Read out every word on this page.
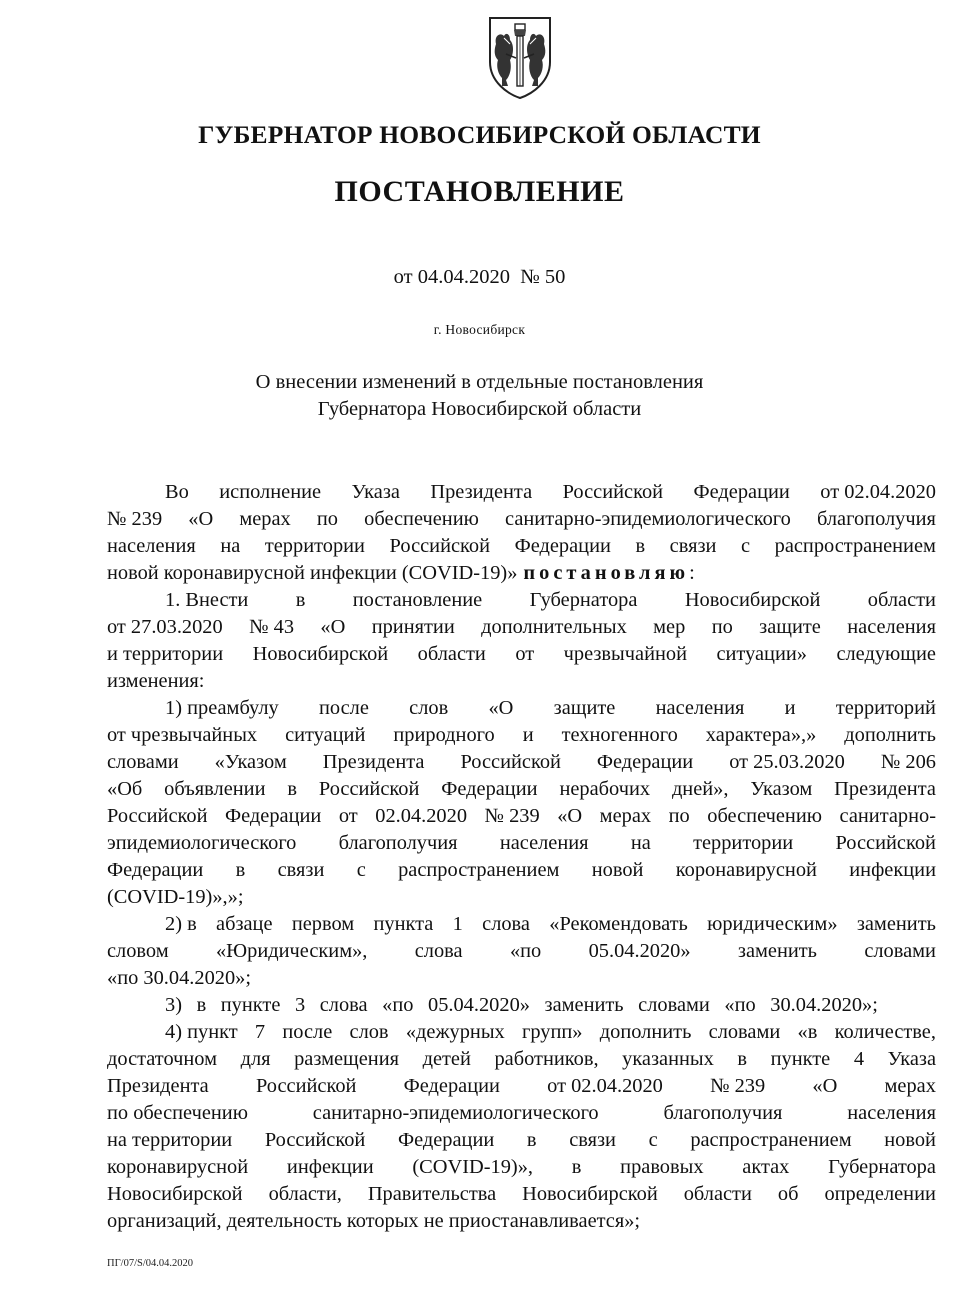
ГУБЕРНАТОР НОВОСИБИРСКОЙ ОБЛАСТИ
ПОСТАНОВЛЕНИЕ
от 04.04.2020  № 50
г. Новосибирск
О внесении изменений в отдельные постановления
Губернатора Новосибирской области
Во исполнение Указа Президента Российской Федерации от 02.04.2020
№ 239 «О мерах по обеспечению санитарно-эпидемиологического благополучия
населения на территории Российской Федерации в связи с распространением
новой коронавирусной инфекции (COVID-19)» постановляю:
1. Внести в постановление Губернатора Новосибирской области
от 27.03.2020 № 43 «О принятии дополнительных мер по защите населения
и территории Новосибирской области от чрезвычайной ситуации» следующие
изменения:
1) преамбулу после слов «О защите населения и территорий
от чрезвычайных ситуаций природного и техногенного характера»,» дополнить
словами «Указом Президента Российской Федерации от 25.03.2020 № 206
«Об объявлении в Российской Федерации нерабочих дней», Указом Президента
Российской Федерации от 02.04.2020 № 239 «О мерах по обеспечению санитарно-
эпидемиологического благополучия населения на территории Российской
Федерации в связи с распространением новой коронавирусной инфекции
(COVID-19)»,»;
2) в абзаце первом пункта 1 слова «Рекомендовать юридическим» заменить
словом «Юридическим», слова «по 05.04.2020» заменить словами
«по 30.04.2020»;
3) в пункте 3 слова «по 05.04.2020» заменить словами «по 30.04.2020»;
4) пункт 7 после слов «дежурных групп» дополнить словами «в количестве,
достаточном для размещения детей работников, указанных в пункте 4 Указа
Президента Российской Федерации от 02.04.2020 № 239 «О мерах
по обеспечению	санитарно-эпидемиологического	благополучия	населения
на территории Российской Федерации в связи с распространением новой
коронавирусной инфекции (COVID-19)», в правовых актах Губернатора
Новосибирской области, Правительства Новосибирской области об определении
организаций, деятельность которых не приостанавливается»;
ПГ/07/S/04.04.2020
